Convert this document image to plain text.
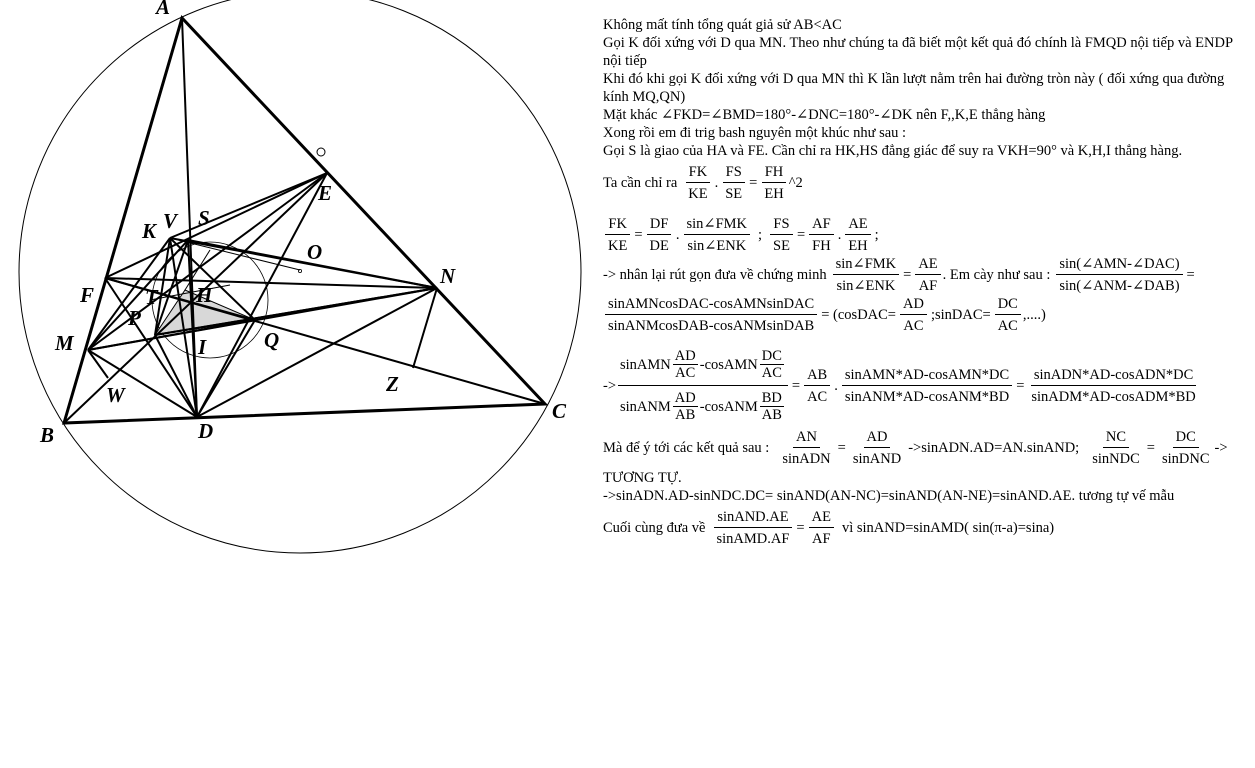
A
B
C
D
E
F
M
N
O
K V S
P
T H
I	Q
W	Z
Không mất tính tổng quát giả sử AB<AC
Gọi K đối xứng với D qua MN. Theo như chúng ta đã biết một kết quả đó chính là FMQD nội tiếp và ENDP nội tiếp
Khi đó khi gọi K đối xứng với D qua MN thì K lần lượt nằm trên hai đường tròn này ( đối xứng qua đường kính MQ,QN)
Mặt khác ∠FKD=∠BMD=180°-∠DNC=180°-∠DK nên F,,K,E thẳng hàng
Xong rồi em đi trig bash nguyên một khúc như sau :
Gọi S là giao của HA và FE. Cần chỉ ra HK,HS đẳng giác để suy ra VKH=90° và K,H,I thẳng hàng.
Ta cần chỉ ra $\frac{FK}{KE}$ . $\frac{FS}{SE} = \frac{FH}{EH}$ ^2
$\frac{FK}{KE} = \frac{DF}{DE}$ . $\frac{\text{sin∠FMK}}{\text{sin∠ENK}}$ ; $\frac{FS}{SE} = \frac{AF}{FH}$ . $\frac{AE}{EH}$ ;
-> nhân lại rút gọn đưa về chứng minh $\frac{\text{sin∠FMK}}{\text{sin∠ENK}} = \frac{AE}{AF}$ . Em cày như sau : $\frac{\text{sin(∠AMN-∠DAC)}}{\text{sin(∠ANM-∠DAB)}}$ =
$\frac{\text{sinAMNcosDAC-cosAMNsinDAC}}{\text{sinANMcosDAB-cosANMsinDAB}}$ = (cosDAC= $\frac{AD}{AC}$ ;sinDAC= $\frac{DC}{AC}$ ,....)
-> $\frac{sinAMN \frac{AD}{AC} -cosAMN \frac{DC}{AC}}{sinANM \frac{AD}{AB} -cosANM \frac{BD}{AB}} = \frac{AB}{AC}$ . $\frac{\text{sinAMN*AD-cosAMN*DC}}{\text{sinANM*AD-cosANM*BD}} = \frac{\text{sinADN*AD-cosADN*DC}}{\text{sinADM*AD-cosADM*BD}}$
Mà để ý tới các kết quả sau : $\frac{AN}{\text{sinADN}} = \frac{AD}{\text{sinAND}}$ ->sinADN.AD=AN.sinAND; $\frac{NC}{\text{sinNDC}} = \frac{DC}{\text{sinDNC}}$ ->
TƯƠNG TỰ.
->sinADN.AD-sinNDC.DC= sinAND(AN-NC)=sinAND(AN-NE)=sinAND.AE. tương tự vế mẫu
Cuối cùng đưa về $\frac{\text{sinAND.AE}}{\text{sinAMD.AF}} = \frac{AE}{AF}$ vì sinAND=sinAMD( sin(π-a)=sina)
